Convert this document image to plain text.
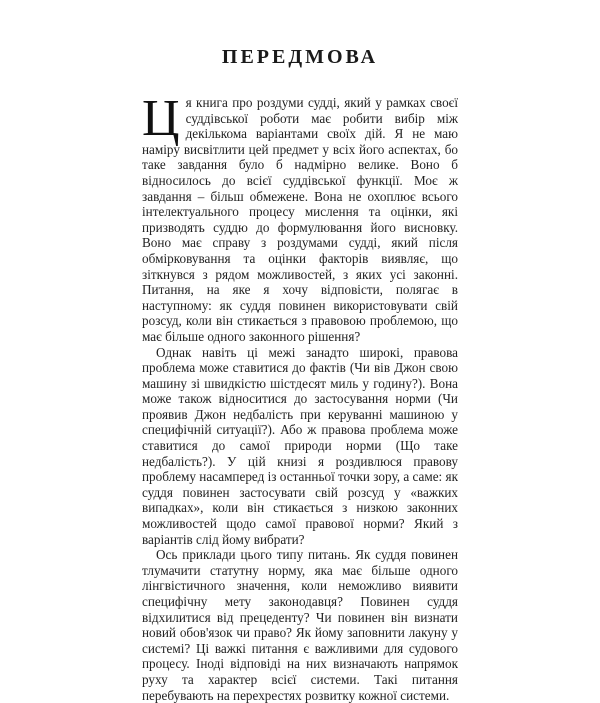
ПЕРЕДМОВА

Ця книга про роздуми судді, який у рамках своєї суддівської роботи має робити вибір між декількома варіантами своїх дій. Я не маю наміру висвітлити цей предмет у всіх його аспектах, бо таке завдання було б надмірно велике. Воно б відносилось до всієї суддівської функції. Моє ж завдання – більш обмежене. Вона не охоплює всього інтелектуального процесу мислення та оцінки, які призводять суддю до формулювання його висновку. Воно має справу з роздумами судді, який після обмірковування та оцінки факторів виявляє, що зіткнувся з рядом можливостей, з яких усі законні. Питання, на яке я хочу відповісти, полягає в наступному: як суддя повинен використовувати свій розсуд, коли він стикається з правовою проблемою, що має більше одного законного рішення?

Однак навіть ці межі занадто широкі, правова проблема може ставитися до фактів (Чи вів Джон свою машину зі швидкістю шістдесят миль у годину?). Вона може також відноситися до застосування норми (Чи проявив Джон недбалість при керуванні машиною у специфічній ситуації?). Або ж правова проблема може ставитися до самої природи норми (Що таке недбалість?). У цій книзі я роздивлюся правову проблему насамперед із останньої точки зору, а саме: як суддя повинен застосувати свій розсуд у «важких випадках», коли він стикається з низкою законних можливостей щодо самої правової норми? Який з варіантів слід йому вибрати?

Ось приклади цього типу питань. Як суддя повинен тлумачити статутну норму, яка має більше одного лінгвістичного значення, коли неможливо виявити специфічну мету законодавця? Повинен суддя відхилитися від прецеденту? Чи повинен він визнати новий обов'язок чи право? Як йому заповнити лакуну у системі? Ці важкі питання є важливими для судового процесу. Іноді відповіді на них визначають напрямок руху та характер всієї системи. Такі питання перебувають на перехрестях розвитку кожної системи.
